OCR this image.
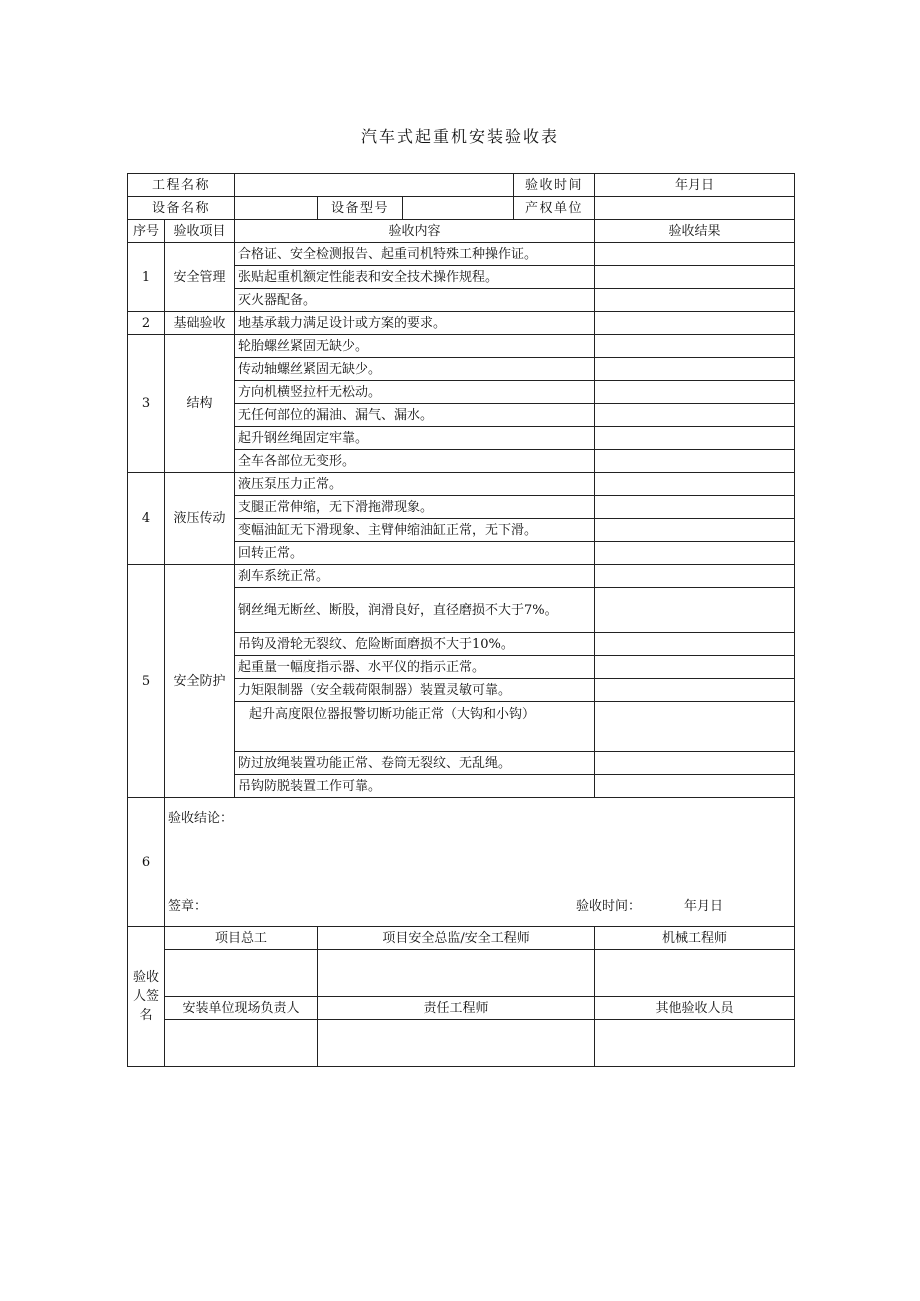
汽车式起重机安装验收表
工程名称					验收时间	年月日
设备名称			设备型号		产权单位	
序号	验收项目	验收内容				验收结果
1	安全管理	合格证、安全检测报告、起重司机特殊工种操作证。				
		张贴起重机额定性能表和安全技术操作规程。				
		灭火器配备。				
2	基础验收	地基承载力满足设计或方案的要求。				
3	结构	轮胎螺丝紧固无缺少。				
		传动轴螺丝紧固无缺少。				
		方向机横竖拉杆无松动。				
		无任何部位的漏油、漏气、漏水。				
		起升钢丝绳固定牢靠。				
		全车各部位无变形。				
4	液压传动	液压泵压力正常。				
		支腿正常伸缩，无下滑拖滞现象。				
		变幅油缸无下滑现象、主臂伸缩油缸正常，无下滑。				
		回转正常。				
5	安全防护	刹车系统正常。				
		钢丝绳无断丝、断股，润滑良好，直径磨损不大于7%。				
		吊钩及滑轮无裂纹、危险断面磨损不大于10%。				
		起重量一幅度指示器、水平仪的指示正常。				
		力矩限制器（安全载荷限制器）装置灵敏可靠。				
		起升高度限位器报警切断功能正常（大钩和小钩）				
		防过放绳装置功能正常、卷筒无裂纹、无乱绳。				
		吊钩防脱装置工作可靠。				
6	验收结论：
签章： 验收时间： 年月日					

验收人签名	项目总工		项目安全总监/安全工程师			机械工程师

	安装单位现场负责人		责任工程师			其他验收人员
